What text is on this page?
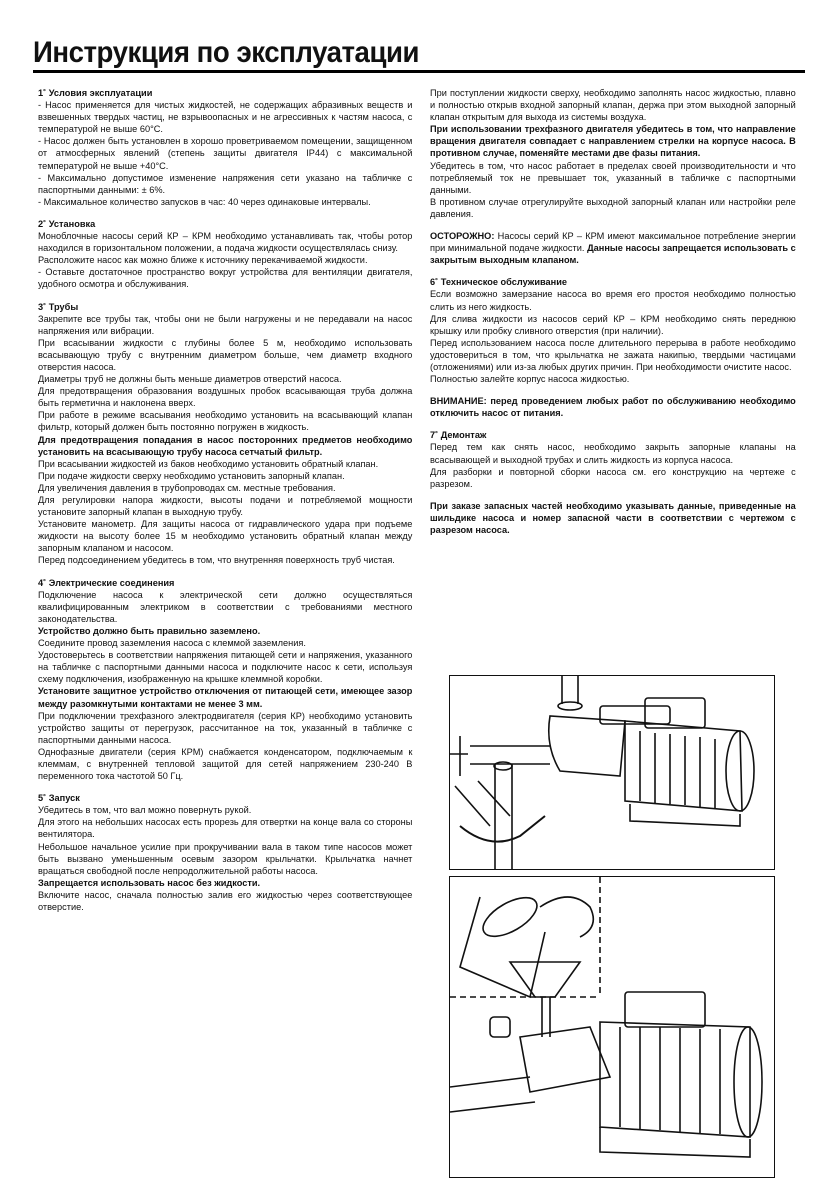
Инструкция по эксплуатации

1˚ Условия эксплуатации

- Насос применяется для чистых жидкостей, не содержащих абразивных веществ и взвешенных твердых частиц, не взрывоопасных и не агрессивных к частям насоса, с температурой не выше 60°C.

- Насос должен быть установлен в хорошо проветриваемом помещении, защищенном от атмосферных явлений (степень защиты двигателя IP44) с максимальной температурой не выше +40°C.

- Максимально допустимое изменение напряжения сети указано на табличке с паспортными данными: ± 6%.

- Максимальное количество запусков в час: 40 через одинаковые интервалы.

2˚ Установка

Моноблочные насосы серий КР – КРМ необходимо устанавливать так, чтобы ротор находился в горизонтальном положении, а подача жидкости осуществлялась снизу.

Расположите насос как можно ближе к источнику перекачиваемой жидкости.

- Оставьте достаточное пространство вокруг устройства для вентиляции двигателя, удобного осмотра и обслуживания.

3˚ Трубы

Закрепите все трубы так, чтобы они не были нагружены и не передавали на насос напряжения или вибрации.

При всасывании жидкости с глубины более 5 м, необходимо использовать всасывающую трубу с внутренним диаметром больше, чем диаметр входного отверстия насоса.

Диаметры труб не должны быть меньше диаметров отверстий насоса.

Для предотвращения образования воздушных пробок всасывающая труба должна быть герметична и наклонена вверх.

При работе в режиме всасывания необходимо установить на всасывающий клапан фильтр, который должен быть постоянно погружен в жидкость.

Для предотвращения попадания в насос посторонних предметов необходимо установить на всасывающую трубу насоса сетчатый фильтр.

При всасывании жидкостей из баков необходимо установить обратный клапан.

При подаче жидкости сверху необходимо установить запорный клапан.

Для увеличения давления в трубопроводах см. местные требования.

Для регулировки напора жидкости, высоты подачи и потребляемой мощности установите запорный клапан в выходную трубу.

Установите манометр. Для защиты насоса от гидравлического удара при подъеме жидкости на высоту более 15 м необходимо установить обратный клапан между запорным клапаном и насосом.

Перед подсоединением убедитесь в том, что внутренняя поверхность труб чистая.

4˚ Электрические соединения

Подключение насоса к электрической сети должно осуществляться квалифицированным электриком в соответствии с требованиями местного законодательства.

Устройство должно быть правильно заземлено.

Соедините провод заземления насоса с клеммой заземления.

Удостоверьтесь в соответствии напряжения питающей сети и напряжения, указанного на табличке с паспортными данными насоса и подключите насос к сети, используя схему подключения, изображенную на крышке клеммной коробки.

Установите защитное устройство отключения от питающей сети, имеющее зазор между разомкнутыми контактами не менее 3 мм.

При подключении трехфазного электродвигателя (серия КР) необходимо установить устройство защиты от перегрузок, рассчитанное на ток, указанный в табличке с паспортными данными насоса.

Однофазные двигатели (серия КРМ) снабжается конденсатором, подключаемым к клеммам, с внутренней тепловой защитой для сетей напряжением 230-240 В переменного тока частотой 50 Гц.

5˚ Запуск

Убедитесь в том, что вал можно повернуть рукой.

Для этого на небольших насосах есть прорезь для отвертки на конце вала со стороны вентилятора.

Небольшое начальное усилие при прокручивании вала в таком типе насосов может быть вызвано уменьшенным осевым зазором крыльчатки. Крыльчатка начнет вращаться свободной после непродолжительной работы насоса.

Запрещается использовать насос без жидкости.

Включите насос, сначала полностью залив его жидкостью через соответствующее отверстие.

При поступлении жидкости сверху, необходимо заполнять насос жидкостью, плавно и полностью открыв входной запорный клапан, держа при этом выходной запорный клапан открытым для выхода из системы воздуха.

При использовании трехфазного двигателя убедитесь в том, что направление вращения двигателя совпадает с направлением стрелки на корпусе насоса. В противном случае, поменяйте местами две фазы питания.

Убедитесь в том, что насос работает в пределах своей производительности и что потребляемый ток не превышает ток, указанный в табличке с паспортными данными.

В противном случае отрегулируйте выходной запорный клапан или настройки реле давления.

ОСТОРОЖНО: Насосы серий КР – КРМ имеют максимальное потребление энергии при минимальной подаче жидкости. Данные насосы запрещается использовать с закрытым выходным клапаном.

6˚ Техническое обслуживание

Если возможно замерзание насоса во время его простоя необходимо полностью слить из него жидкость.

Для слива жидкости из насосов серий КР – КРМ необходимо снять переднюю крышку или пробку сливного отверстия (при наличии).

Перед использованием насоса после длительного перерыва в работе необходимо удостовериться в том, что крыльчатка не зажата накипью, твердыми частицами (отложениями) или из-за любых других причин. При необходимости очистите насос.

Полностью залейте корпус насоса жидкостью.

ВНИМАНИЕ: перед проведением любых работ по обслуживанию необходимо отключить насос от питания.

7˚ Демонтаж

Перед тем как снять насос, необходимо закрыть запорные клапаны на всасывающей и выходной трубах и слить жидкость из корпуса насоса.

Для разборки и повторной сборки насоса см. его конструкцию на чертеже с разрезом.

При заказе запасных частей необходимо указывать данные, приведенные на шильдике насоса и номер запасной части в соответствии с чертежом с разрезом насоса.
